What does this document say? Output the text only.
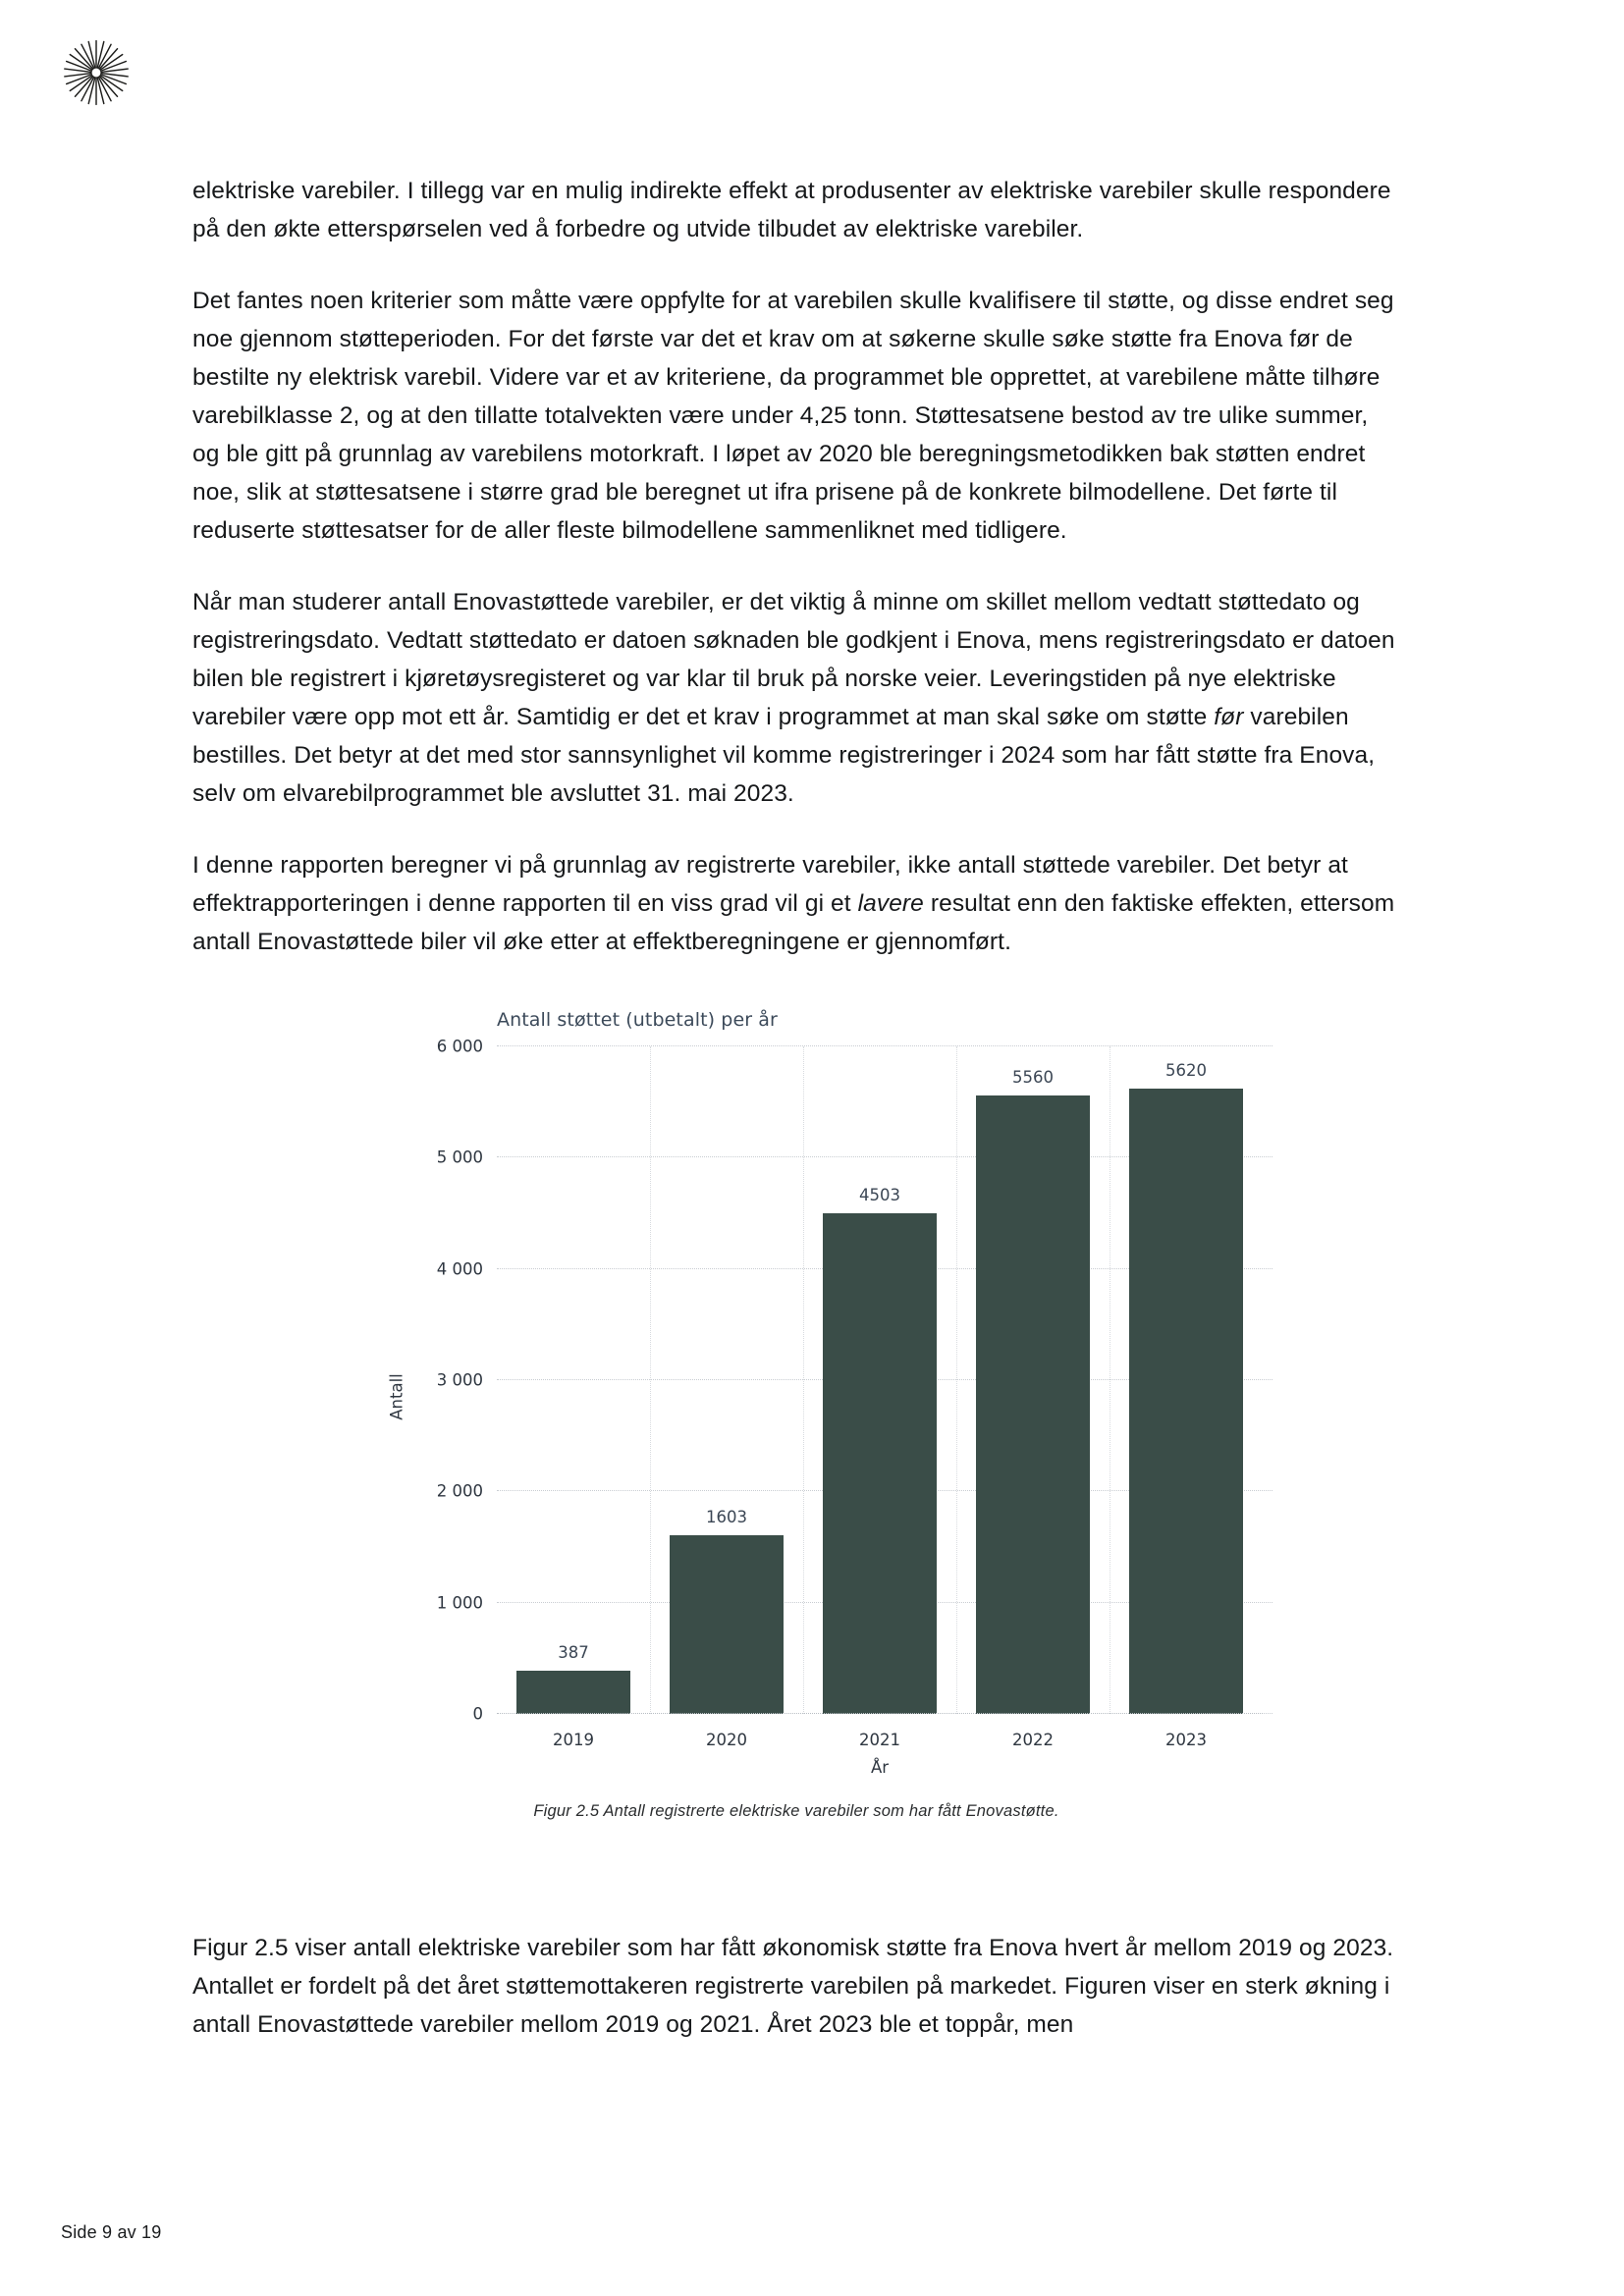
elektriske varebiler. I tillegg var en mulig indirekte effekt at produsenter av elektriske varebiler skulle respondere på den økte etterspørselen ved å forbedre og utvide tilbudet av elektriske varebiler.

Det fantes noen kriterier som måtte være oppfylte for at varebilen skulle kvalifisere til støtte, og disse endret seg noe gjennom støtteperioden. For det første var det et krav om at søkerne skulle søke støtte fra Enova før de bestilte ny elektrisk varebil. Videre var et av kriteriene, da programmet ble opprettet, at varebilene måtte tilhøre varebilklasse 2, og at den tillatte totalvekten være under 4,25 tonn. Støttesatsene bestod av tre ulike summer, og ble gitt på grunnlag av varebilens motorkraft. I løpet av 2020 ble beregningsmetodikken bak støtten endret noe, slik at støttesatsene i større grad ble beregnet ut ifra prisene på de konkrete bilmodellene. Det førte til reduserte støttesatser for de aller fleste bilmodellene sammenliknet med tidligere.

Når man studerer antall Enovastøttede varebiler, er det viktig å minne om skillet mellom vedtatt støttedato og registreringsdato. Vedtatt støttedato er datoen søknaden ble godkjent i Enova, mens registreringsdato er datoen bilen ble registrert i kjøretøysregisteret og var klar til bruk på norske veier. Leveringstiden på nye elektriske varebiler være opp mot ett år. Samtidig er det et krav i programmet at man skal søke om støtte før varebilen bestilles. Det betyr at det med stor sannsynlighet vil komme registreringer i 2024 som har fått støtte fra Enova, selv om elvarebilprogrammet ble avsluttet 31. mai 2023.

I denne rapporten beregner vi på grunnlag av registrerte varebiler, ikke antall støttede varebiler. Det betyr at effektrapporteringen i denne rapporten til en viss grad vil gi et lavere resultat enn den faktiske effekten, ettersom antall Enovastøttede biler vil øke etter at effektberegningene er gjennomført.

Antall støttet (utbetalt) per år
Antall
0
1 000
2 000
3 000
4 000
5 000
6 000
387
1603
4503
5560	5620
2019	2020	2021	2022	2023
År
Figur 2.5 Antall registrerte elektriske varebiler som har fått Enovastøtte.

Figur 2.5 viser antall elektriske varebiler som har fått økonomisk støtte fra Enova hvert år mellom 2019 og 2023. Antallet er fordelt på det året støttemottakeren registrerte varebilen på markedet. Figuren viser en sterk økning i antall Enovastøttede varebiler mellom 2019 og 2021. Året 2023 ble et toppår, men

Side 9 av 19
